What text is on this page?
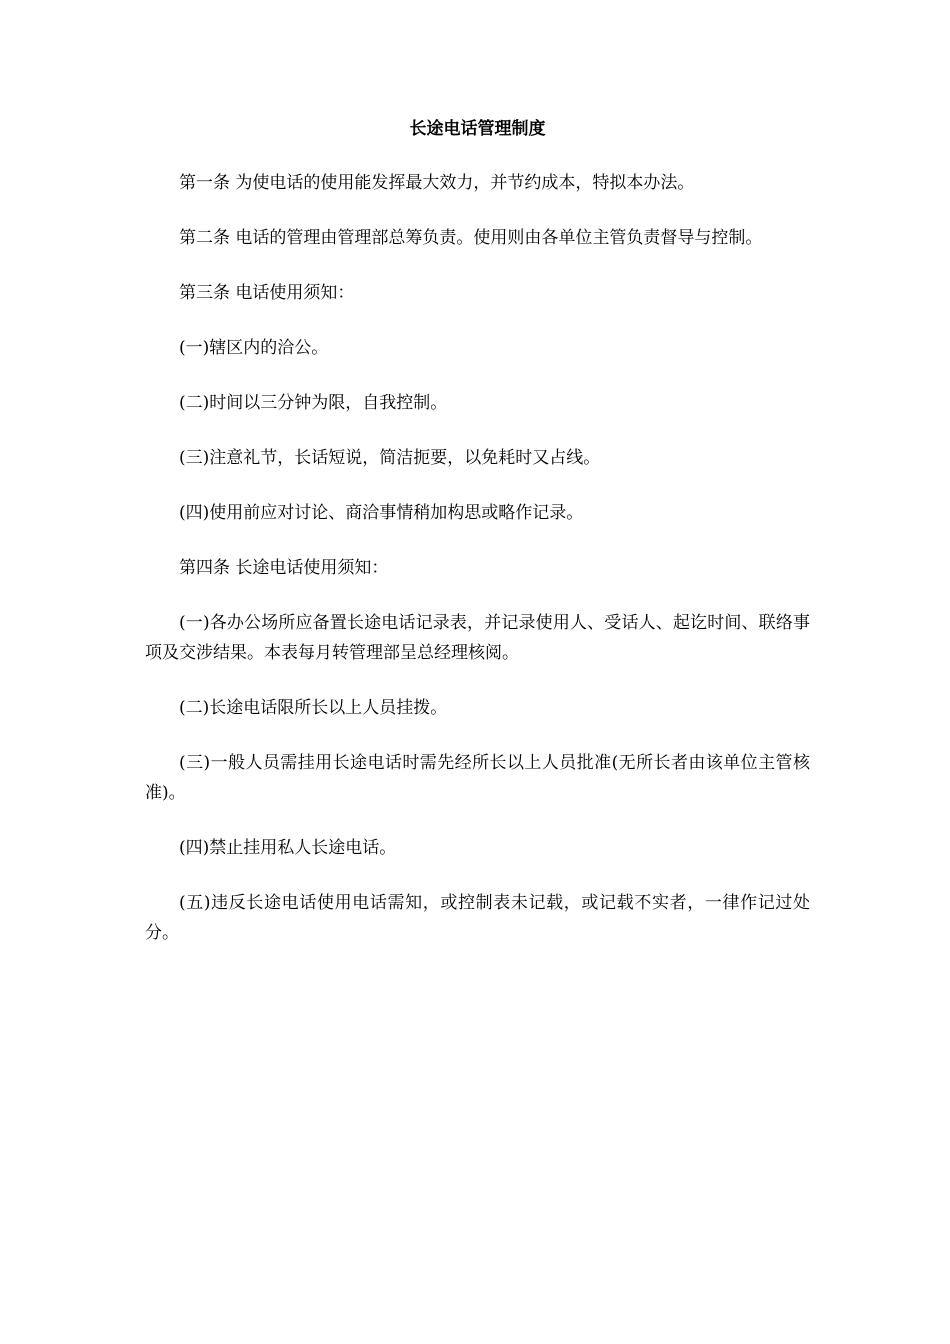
长途电话管理制度

第一条 为使电话的使用能发挥最大效力，并节约成本，特拟本办法。

第二条 电话的管理由管理部总筹负责。使用则由各单位主管负责督导与控制。

第三条 电话使用须知：

(一)辖区内的洽公。

(二)时间以三分钟为限，自我控制。

(三)注意礼节，长话短说，简洁扼要，以免耗时又占线。

(四)使用前应对讨论、商洽事情稍加构思或略作记录。

第四条 长途电话使用须知：

(一)各办公场所应备置长途电话记录表，并记录使用人、受话人、起讫时间、联络事项及交涉结果。本表每月转管理部呈总经理核阅。

(二)长途电话限所长以上人员挂拨。

(三)一般人员需挂用长途电话时需先经所长以上人员批准(无所长者由该单位主管核准)。

(四)禁止挂用私人长途电话。

(五)违反长途电话使用电话需知，或控制表未记载，或记载不实者，一律作记过处分。
